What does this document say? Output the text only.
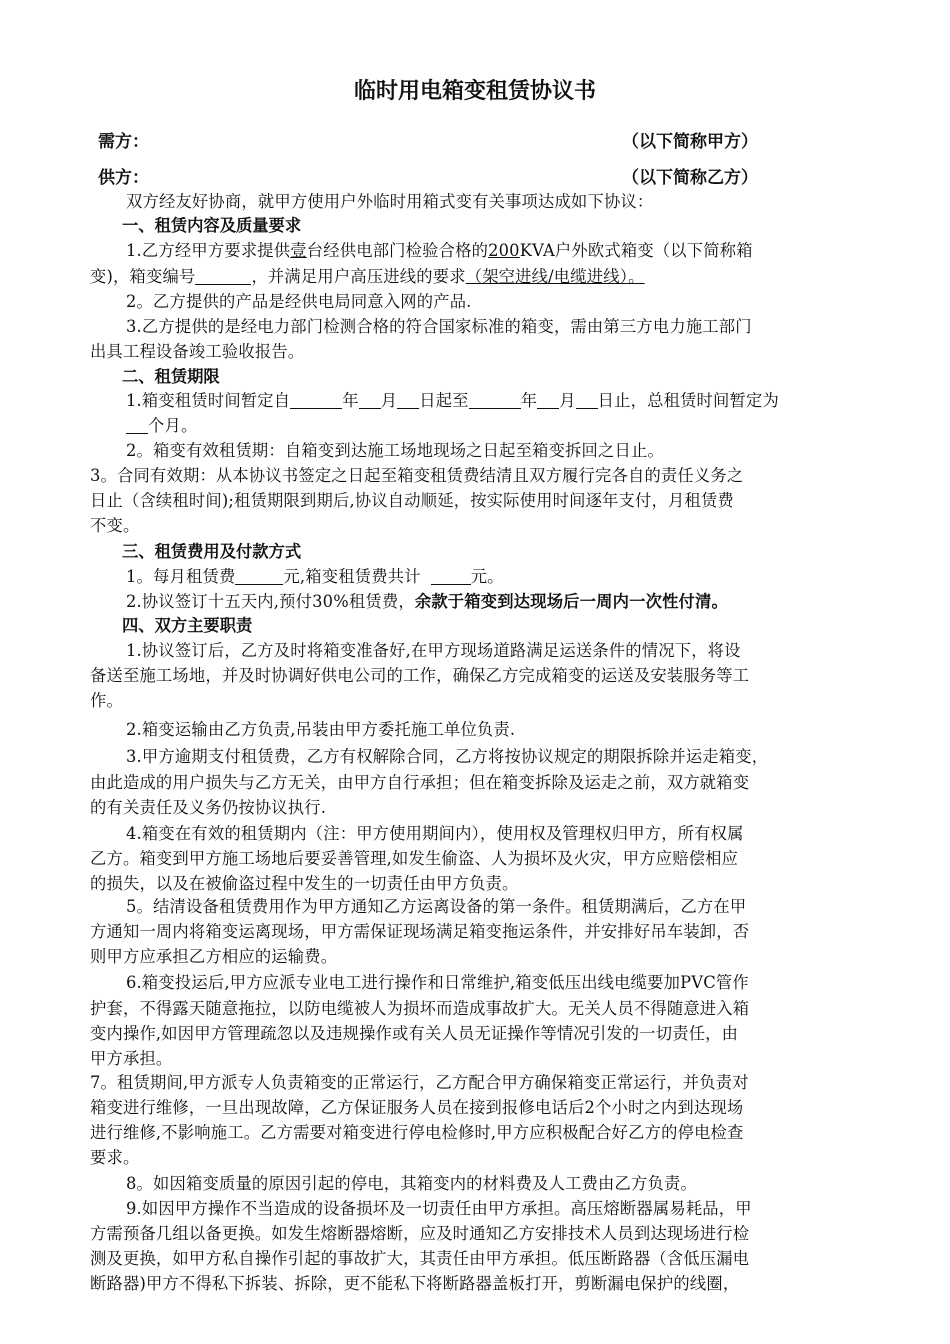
临时用电箱变租赁协议书
需方：	（以下简称甲方）
供方：	（以下简称乙方）
双方经友好协商，就甲方使用户外临时用箱式变有关事项达成如下协议：
一、租赁内容及质量要求
1.乙方经甲方要求提供壹台经供电部门检验合格的200KVA户外欧式箱变（以下简称箱
变)，箱变编号	，并满足用户高压进线的要求（架空进线/电缆进线）。
2。乙方提供的产品是经供电局同意入网的产品.
3.乙方提供的是经电力部门检测合格的符合国家标准的箱变，需由第三方电力施工部门
出具工程设备竣工验收报告。
二、租赁期限
1.箱变租赁时间暂定自	年 月 日起至	年 月 日止，总租赁时间暂定为
个月。
2。箱变有效租赁期：自箱变到达施工场地现场之日起至箱变拆回之日止。
3。合同有效期：从本协议书签定之日起至箱变租赁费结清且双方履行完各自的责任义务之
日止（含续租时间);租赁期限到期后,协议自动顺延，按实际使用时间逐年支付，月租赁费
不变。
三、租赁费用及付款方式
1。每月租赁费	元,箱变租赁费共计	元。
2.协议签订十五天内,预付30%租赁费，余款于箱变到达现场后一周内一次性付清。
四、双方主要职责
1.协议签订后，乙方及时将箱变准备好,在甲方现场道路满足运送条件的情况下，将设
备送至施工场地，并及时协调好供电公司的工作，确保乙方完成箱变的运送及安装服务等工
作。
2.箱变运输由乙方负责,吊装由甲方委托施工单位负责.
3.甲方逾期支付租赁费，乙方有权解除合同，乙方将按协议规定的期限拆除并运走箱变，
由此造成的用户损失与乙方无关，由甲方自行承担；但在箱变拆除及运走之前，双方就箱变
的有关责任及义务仍按协议执行.
4.箱变在有效的租赁期内（注：甲方使用期间内），使用权及管理权归甲方，所有权属
乙方。箱变到甲方施工场地后要妥善管理,如发生偷盗、人为损坏及火灾，甲方应赔偿相应
的损失，以及在被偷盗过程中发生的一切责任由甲方负责。
5。结清设备租赁费用作为甲方通知乙方运离设备的第一条件。租赁期满后，乙方在甲
方通知一周内将箱变运离现场，甲方需保证现场满足箱变拖运条件，并安排好吊车装卸，否
则甲方应承担乙方相应的运输费。
6.箱变投运后,甲方应派专业电工进行操作和日常维护,箱变低压出线电缆要加PVC管作
护套，不得露天随意拖拉，以防电缆被人为损坏而造成事故扩大。无关人员不得随意进入箱
变内操作,如因甲方管理疏忽以及违规操作或有关人员无证操作等情况引发的一切责任，由
甲方承担。
7。租赁期间,甲方派专人负责箱变的正常运行，乙方配合甲方确保箱变正常运行，并负责对
箱变进行维修，一旦出现故障，乙方保证服务人员在接到报修电话后2个小时之内到达现场
进行维修,不影响施工。乙方需要对箱变进行停电检修时,甲方应积极配合好乙方的停电检查
要求。
8。如因箱变质量的原因引起的停电，其箱变内的材料费及人工费由乙方负责。
9.如因甲方操作不当造成的设备损坏及一切责任由甲方承担。高压熔断器属易耗品，甲
方需预备几组以备更换。如发生熔断器熔断，应及时通知乙方安排技术人员到达现场进行检
测及更换，如甲方私自操作引起的事故扩大，其责任由甲方承担。低压断路器（含低压漏电
断路器)甲方不得私下拆装、拆除，更不能私下将断路器盖板打开，剪断漏电保护的线圈，
